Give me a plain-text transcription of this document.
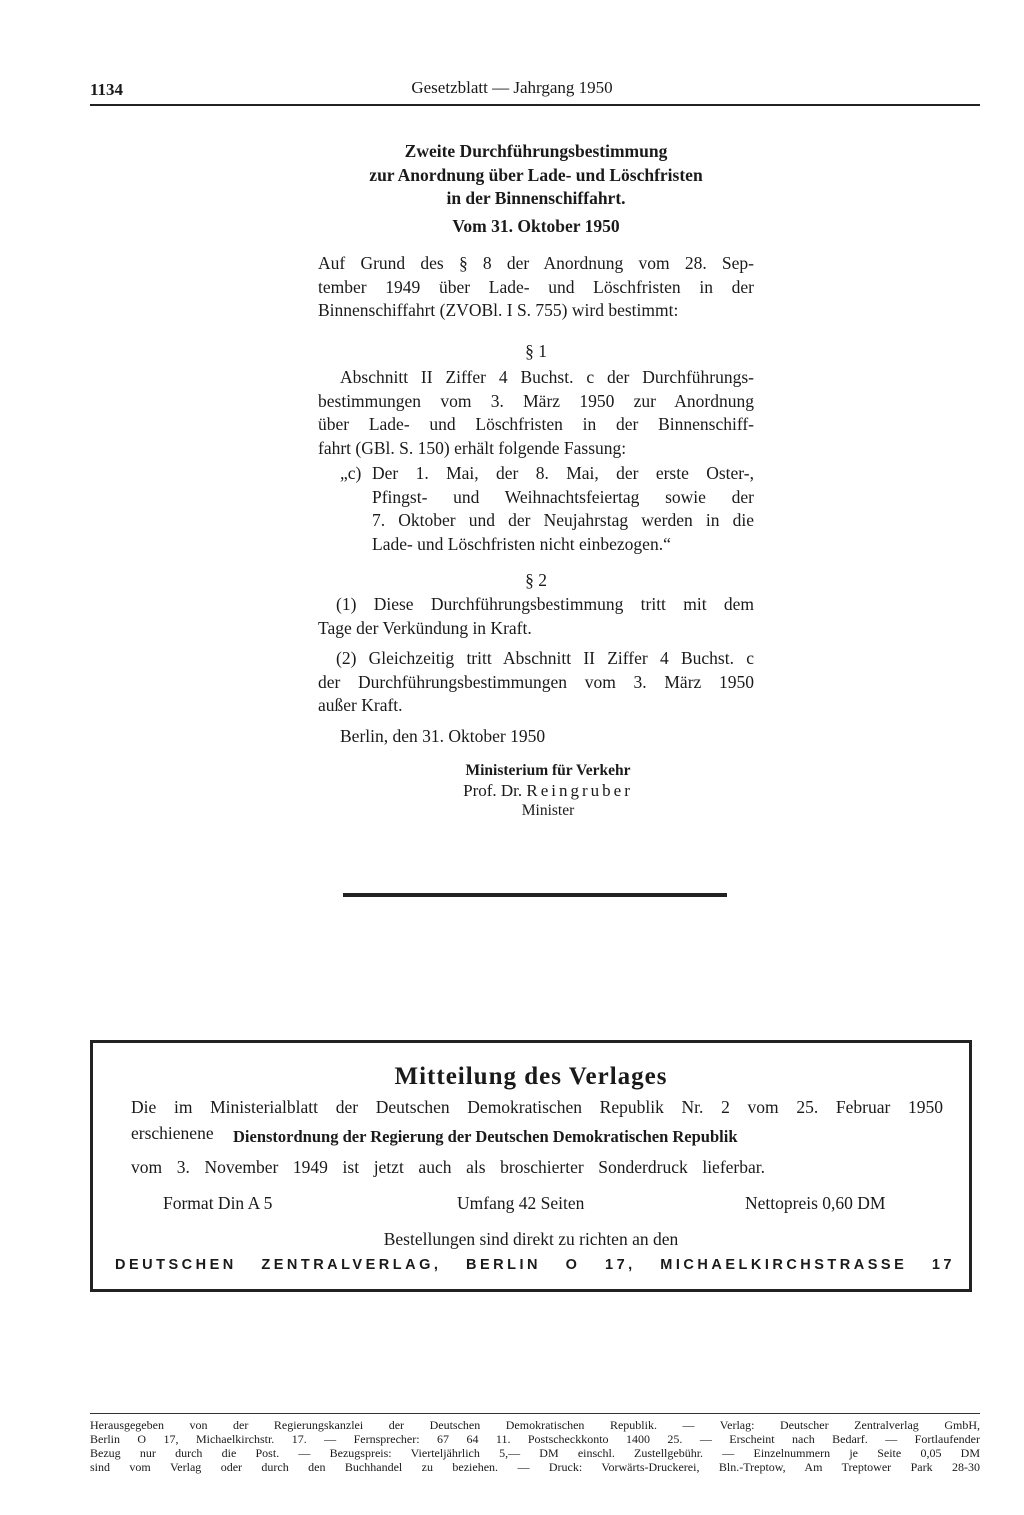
1134	Gesetzblatt — Jahrgang 1950
Zweite Durchführungsbestimmung
zur Anordnung über Lade- und Löschfristen
in der Binnenschiffahrt.
Vom 31. Oktober 1950
Auf Grund des § 8 der Anordnung vom 28. Sep-
tember 1949 über Lade- und Löschfristen in der
Binnenschiffahrt (ZVOBl. I S. 755) wird bestimmt:
§ 1
Abschnitt II Ziffer 4 Buchst. c der Durchführungs-
bestimmungen vom 3. März 1950 zur Anordnung
über Lade- und Löschfristen in der Binnenschiff-
fahrt (GBl. S. 150) erhält folgende Fassung:
„c) Der 1. Mai, der 8. Mai, der erste Oster-,
Pfingst- und Weihnachtsfeiertag sowie der
7. Oktober und der Neujahrstag werden in die
Lade- und Löschfristen nicht einbezogen.“
§ 2
(1) Diese Durchführungsbestimmung tritt mit dem
Tage der Verkündung in Kraft.
(2) Gleichzeitig tritt Abschnitt II Ziffer 4 Buchst. c
der Durchführungsbestimmungen vom 3. März 1950
außer Kraft.
Berlin, den 31. Oktober 1950
Ministerium für Verkehr
Prof. Dr. Reingruber
Minister
Mitteilung des Verlages
Die im Ministerialblatt der Deutschen Demokratischen Republik Nr. 2 vom 25. Februar 1950
erschienene Dienstordnung der Regierung der Deutschen Demokratischen Republik
vom 3. November 1949 ist jetzt auch als broschierter Sonderdruck lieferbar.
Format Din A 5	Umfang 42 Seiten	Nettopreis 0,60 DM
Bestellungen sind direkt zu richten an den
DEUTSCHEN ZENTRALVERLAG, BERLIN O 17, MICHAELKIRCHSTRASSE 17
Herausgegeben von der Regierungskanzlei der Deutschen Demokratischen Republik. — Verlag: Deutscher Zentralverlag GmbH,
Berlin O 17, Michaelkirchstr. 17. — Fernsprecher: 67 64 11. Postscheckkonto 1400 25. — Erscheint nach Bedarf. — Fortlaufender
Bezug nur durch die Post. — Bezugspreis: Vierteljährlich 5,— DM einschl. Zustellgebühr. — Einzelnummern je Seite 0,05 DM
sind vom Verlag oder durch den Buchhandel zu beziehen. — Druck: Vorwärts-Druckerei, Bln.-Treptow, Am Treptower Park 28-30
